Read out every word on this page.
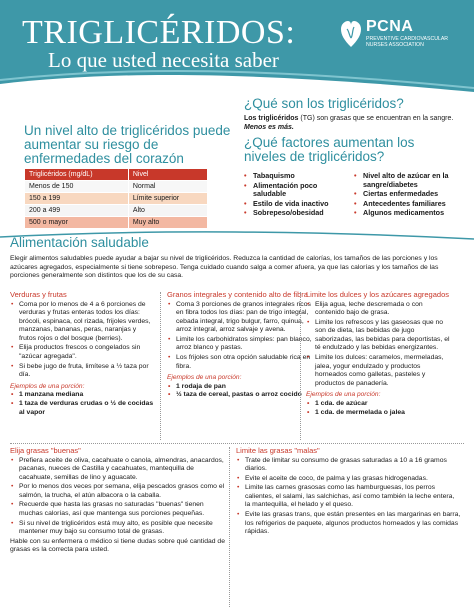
TRIGLICÉRIDOS:
Lo que usted necesita saber
PCNA
PREVENTIVE CARDIOVASCULAR NURSES ASSOCIATION
Un nivel alto de triglicéridos puede aumentar su riesgo de enfermedades del corazón
Triglicéridos (mg/dL)	Nivel
Menos de 150	Normal
150 a 199	Límite superior
200 a 499	Alto
500 o mayor	Muy alto
¿Qué son los triglicéridos?
Los triglicéridos (TG) son grasas que se encuentran en la sangre. Menos es más.
¿Qué factores aumentan los niveles de triglicéridos?
• Tabaquismo
• Alimentación poco saludable
• Estilo de vida inactivo
• Sobrepeso/obesidad
• Nivel alto de azúcar en la sangre/diabetes
• Ciertas enfermedades
• Antecedentes familiares
• Algunos medicamentos
Alimentación saludable
Elegir alimentos saludables puede ayudar a bajar su nivel de triglicéridos. Reduzca la cantidad de calorías, los tamaños de las porciones y los azúcares agregados, especialmente si tiene sobrepeso. Tenga cuidado cuando salga a comer afuera, ya que las calorías y los tamaños de las porciones generalmente son distintos que los de su casa.
Verduras y frutas
• Coma por lo menos de 4 a 6 porciones de verduras y frutas enteras todos los días: brócoli, espinaca, col rizada, frijoles verdes, manzanas, bananas, peras, naranjas y frutos rojos o del bosque (berries).
• Elija productos frescos o congelados sin "azúcar agregada".
• Si bebe jugo de fruta, limítese a ½ taza por día.
Ejemplos de una porción:
• 1 manzana mediana
• 1 taza de verduras crudas o ½ de cocidas al vapor
Granos integrales y contenido alto de fibra
• Coma 3 porciones de granos integrales ricos en fibra todos los días: pan de trigo integral, cebada integral, trigo bulgur, farro, quinua, arroz integral, arroz salvaje y avena.
• Limite los carbohidratos simples: pan blanco, arroz blanco y pastas.
• Los frijoles son otra opción saludable rica en fibra.
Ejemplos de una porción:
• 1 rodaja de pan
• ½ taza de cereal, pastas o arroz cocido
Limite los dulces y los azúcares agregados
• Elija agua, leche descremada o con contenido bajo de grasa.
• Limite los refrescos y las gaseosas que no son de dieta, las bebidas de jugo saborizadas, las bebidas para deportistas, el té endulzado y las bebidas energizantes.
• Limite los dulces: caramelos, mermeladas, jalea, yogur endulzado y productos horneados como galletas, pasteles y productos de panadería.
Ejemplos de una porción:
• 1 cda. de azúcar
• 1 cda. de mermelada o jalea
Elija grasas "buenas"
• Prefiera aceite de oliva, cacahuate o canola, almendras, anacardos, pacanas, nueces de Castilla y cacahuates, mantequilla de cacahuate, semillas de lino y aguacate.
• Por lo menos dos veces por semana, elija pescados grasos como el salmón, la trucha, el atún albacora o la caballa.
• Recuerde que hasta las grasas no saturadas "buenas" tienen muchas calorías, así que mantenga sus porciones pequeñas.
• Si su nivel de triglicéridos está muy alto, es posible que necesite mantener muy bajo su consumo total de grasas.
Hable con su enfermera o médico si tiene dudas sobre qué cantidad de grasas es la correcta para usted.
Limite las grasas "malas"
• Trate de limitar su consumo de grasas saturadas a 10 a 16 gramos diarios.
• Evite el aceite de coco, de palma y las grasas hidrogenadas.
• Limite las carnes grasosas como las hamburguesas, los perros calientes, el salami, las salchichas, así como también la leche entera, la mantequilla, el helado y el queso.
• Evite las grasas trans, que están presentes en las margarinas en barra, los refrigerios de paquete, algunos productos horneados y las comidas rápidas.
